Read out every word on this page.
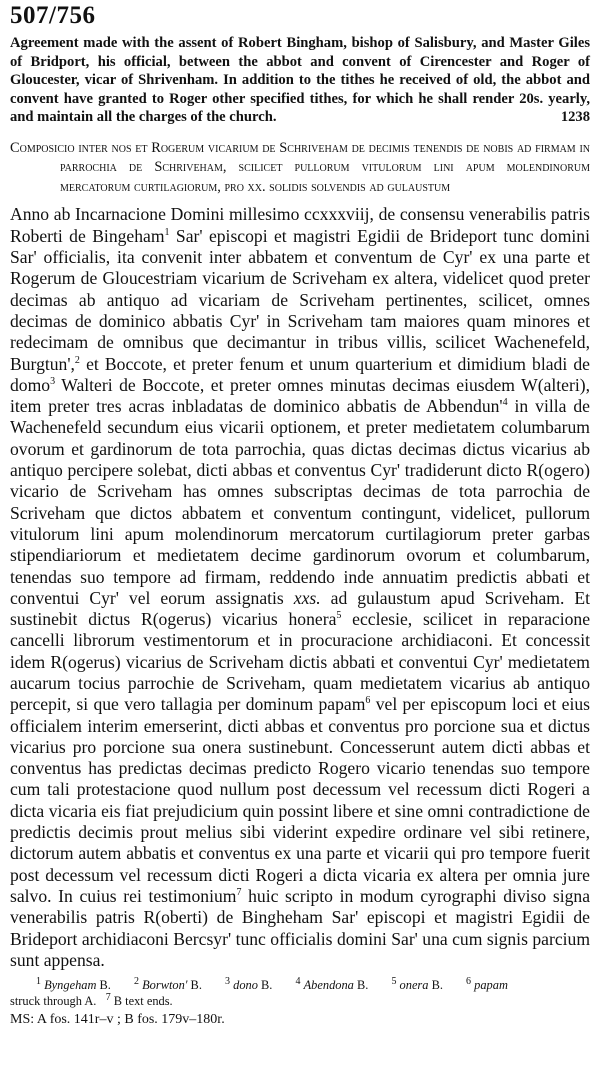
507/756

Agreement made with the assent of Robert Bingham, bishop of Salisbury, and Master Giles of Bridport, his official, between the abbot and convent of Cirencester and Roger of Gloucester, vicar of Shrivenham. In addition to the tithes he received of old, the abbot and convent have granted to Roger other specified tithes, for which he shall render 20s. yearly, and maintain all the charges of the church.	1238

Composicio inter nos et Rogerum vicarium de Schriveham de decimis tenendis de nobis ad firmam in parrochia de Schriveham, scilicet pullorum vitulorum lini apum molendinorum mercatorum curtilagiorum, pro xx. solidis solvendis ad gulaustum

Anno ab Incarnacione Domini millesimo ccxxxviij, de consensu venerabilis patris Roberti de Bingeham$^1$ Sar' episcopi et magistri Egidii de Brideport tunc domini Sar' officialis, ita convenit inter abbatem et conventum de Cyr' ex una parte et Rogerum de Gloucestriam vicarium de Scriveham ex altera, videlicet quod preter decimas ab antiquo ad vicariam de Scriveham pertinentes, scilicet, omnes decimas de dominico abbatis Cyr' in Scriveham tam maiores quam minores et redecimam de omnibus que decimantur in tribus villis, scilicet Wachenefeld, Burgtun',$^2$ et Boccote, et preter fenum et unum quarterium et dimidium bladi de domo$^3$ Walteri de Boccote, et preter omnes minutas decimas eiusdem W(alteri), item preter tres acras inbladatas de dominico abbatis de $Abbendun'^4$ in villa de Wachenefeld secundum eius vicarii optionem, et preter medietatem columbarum ovorum et gardinorum de tota parrochia, quas dictas decimas dictus vicarius ab antiquo percipere solebat, dicti abbas et conventus Cyr' tradiderunt dicto R(ogero) vicario de Scriveham has omnes subscriptas decimas de tota parrochia de Scriveham que dictos abbatem et conventum contingunt, videlicet, pullorum vitulorum lini apum molendinorum mercatorum curtilagiorum preter garbas stipendiariorum et medietatem decime gardinorum ovorum et columbarum, tenendas suo tempore ad firmam, reddendo inde annuatim predictis abbati et conventui Cyr' vel eorum assignatis xxs. ad gulaustum apud Scriveham. Et sustinebit dictus R(ogerus) vicarius honera$^5$ ecclesie, scilicet in reparacione cancelli librorum vestimentorum et in procuracione archidiaconi. Et concessit idem R(ogerus) vicarius de Scriveham dictis abbati et conventui Cyr' medietatem aucarum tocius parrochie de Scriveham, quam medietatem vicarius ab antiquo percepit, si que vero tallagia per dominum papam$^6$ vel per episcopum loci et eius officialem interim emerserint, dicti abbas et conventus pro porcione sua et dictus vicarius pro porcione sua onera sustinebunt. Concesserunt autem dicti abbas et conventus has predictas decimas predicto Rogero vicario tenendas suo tempore cum tali protestacione quod nullum post decessum vel recessum dicti Rogeri a dicta vicaria eis fiat prejudicium quin possint libere et sine omni contradictione de predictis decimis prout melius sibi viderint expedire ordinare vel sibi retinere, dictorum autem abbatis et conventus ex una parte et vicarii qui pro tempore fuerit post decessum vel recessum dicti Rogeri a dicta vicaria ex altera per omnia jure salvo. In cuius rei testimonium$^7$ huic scripto in modum cyrographi diviso signa venerabilis patris R(oberti) de Bingheham Sar' episcopi et magistri Egidii de Brideport archidiaconi Bercsyr' tunc officialis domini Sar' una cum signis parcium sunt appensa.

$^1$ Byngeham B. $^2$ Borwton' B. $^3$ dono B. $^4$ Abendona B. $^5$ onera B. $^6$ papam
struck through A. $^7$ B text ends.
MS: A fos. 141r–v ; B fos. 179v–180r.
